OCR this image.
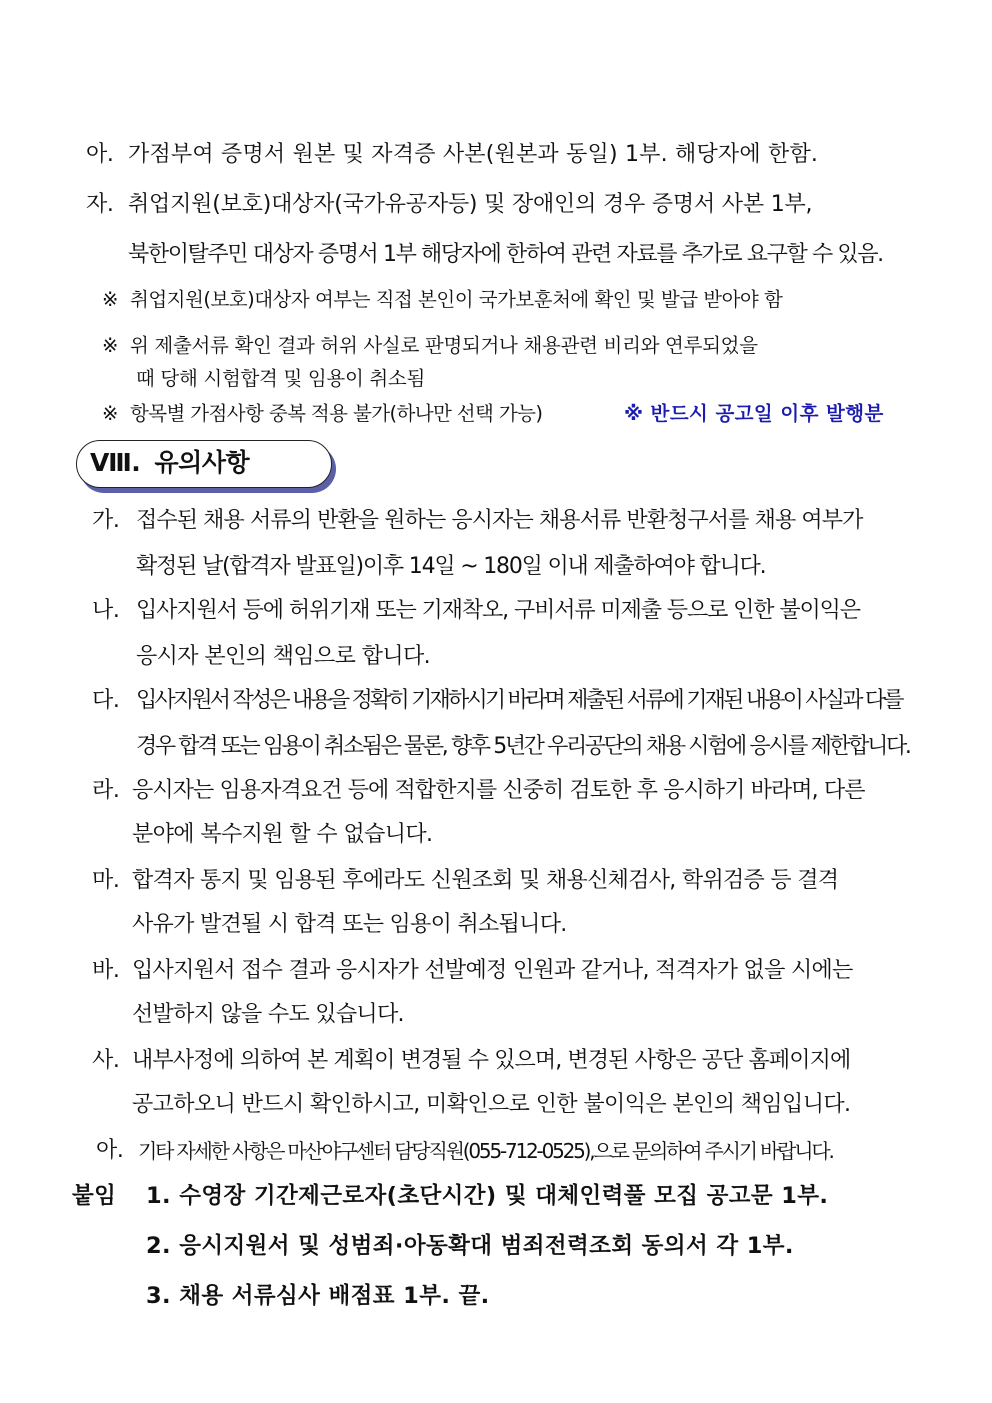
아. 가점부여 증명서 원본 및 자격증 사본(원본과 동일) 1부. 해당자에 한함.
자. 취업지원(보호)대상자(국가유공자등) 및 장애인의 경우 증명서 사본 1부,
북한이탈주민 대상자 증명서 1부 해당자에 한하여 관련 자료를 추가로 요구할 수 있음.
※ 취업지원(보호)대상자 여부는 직접 본인이 국가보훈처에 확인 및 발급 받아야 함
※ 위 제출서류 확인 결과 허위 사실로 판명되거나 채용관련 비리와 연루되었을
때 당해 시험합격 및 임용이 취소됨
※ 항목별 가점사항 중복 적용 불가(하나만 선택 가능)	※ 반드시 공고일 이후 발행분
Ⅷ. 유의사항
가. 접수된 채용 서류의 반환을 원하는 응시자는 채용서류 반환청구서를 채용 여부가
확정된 날(합격자 발표일)이후 14일 ~ 180일 이내 제출하여야 합니다.
나. 입사지원서 등에 허위기재 또는 기재착오, 구비서류 미제출 등으로 인한 불이익은
응시자 본인의 책임으로 합니다.
다. 입사지원서 작성은 내용을 정확히 기재하시기 바라며 제출된 서류에 기재된 내용이 사실과 다를
경우 합격 또는 임용이 취소됨은 물론, 향후 5년간 우리공단의 채용 시험에 응시를 제한합니다.
라. 응시자는 임용자격요건 등에 적합한지를 신중히 검토한 후 응시하기 바라며, 다른
분야에 복수지원 할 수 없습니다.
마. 합격자 통지 및 임용된 후에라도 신원조회 및 채용신체검사, 학위검증 등 결격
사유가 발견될 시 합격 또는 임용이 취소됩니다.
바. 입사지원서 접수 결과 응시자가 선발예정 인원과 같거나, 적격자가 없을 시에는
선발하지 않을 수도 있습니다.
사. 내부사정에 의하여 본 계획이 변경될 수 있으며, 변경된 사항은 공단 홈페이지에
공고하오니 반드시 확인하시고, 미확인으로 인한 불이익은 본인의 책임입니다.
아. 기타 자세한 사항은 마산야구센터 담당직원(055-712-0525),으로 문의하여 주시기 바랍니다.
붙임 1. 수영장 기간제근로자(초단시간) 및 대체인력풀 모집 공고문 1부.
2. 응시지원서 및 성범죄·아동확대 범죄전력조회 동의서 각 1부.
3. 채용 서류심사 배점표 1부. 끝.
